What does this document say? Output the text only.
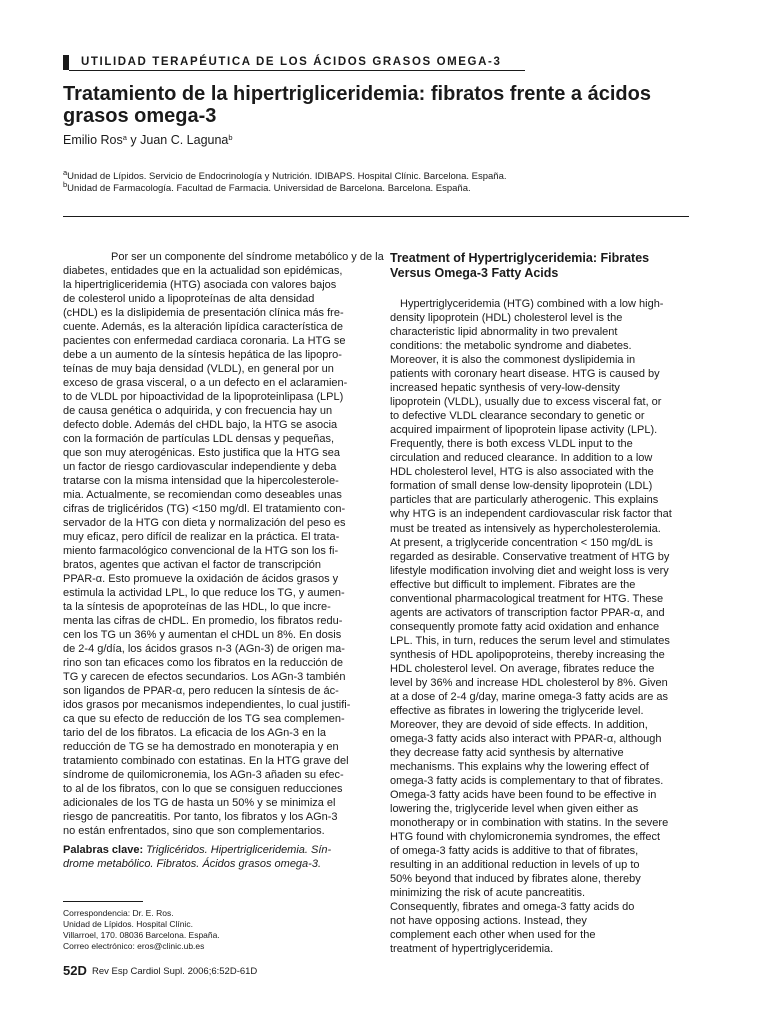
UTILIDAD TERAPÉUTICA DE LOS ÁCIDOS GRASOS OMEGA-3
Tratamiento de la hipertrigliceridemia: fibratos frente a ácidos
grasos omega-3
Emilio Ros$^a$ y Juan C. Laguna$^b$
$^a$Unidad de Lípidos. Servicio de Endocrinología y Nutrición. IDIBAPS. Hospital Clínic. Barcelona. España.
$^b$Unidad de Farmacología. Facultad de Farmacia. Universidad de Barcelona. Barcelona. España.

Por ser un componente del síndrome metabólico y de la
diabetes, entidades que en la actualidad son epidémicas,
la hipertrigliceridemia (HTG) asociada con valores bajos
de colesterol unido a lipoproteínas de alta densidad
(cHDL) es la dislipidemia de presentación clínica más fre-
cuente. Además, es la alteración lipídica característica de
pacientes con enfermedad cardiaca coronaria. La HTG se
debe a un aumento de la síntesis hepática de las lipopro-
teínas de muy baja densidad (VLDL), en general por un
exceso de grasa visceral, o a un defecto en el aclaramien-
to de VLDL por hipoactividad de la lipoproteinlipasa (LPL)
de causa genética o adquirida, y con frecuencia hay un
defecto doble. Además del cHDL bajo, la HTG se asocia
con la formación de partículas LDL densas y pequeñas,
que son muy aterogénicas. Esto justifica que la HTG sea
un factor de riesgo cardiovascular independiente y deba
tratarse con la misma intensidad que la hipercolesterole-
mia. Actualmente, se recomiendan como deseables unas
cifras de triglicéridos (TG) <150 mg/dl. El tratamiento con-
servador de la HTG con dieta y normalización del peso es
muy eficaz, pero difícil de realizar en la práctica. El trata-
miento farmacológico convencional de la HTG son los fi-
bratos, agentes que activan el factor de transcripción
PPAR-α. Esto promueve la oxidación de ácidos grasos y
estimula la actividad LPL, lo que reduce los TG, y aumen-
ta la síntesis de apoproteínas de las HDL, lo que incre-
menta las cifras de cHDL. En promedio, los fibratos redu-
cen los TG un 36% y aumentan el cHDL un 8%. En dosis
de 2-4 g/día, los ácidos grasos n-3 (AGn-3) de origen ma-
rino son tan eficaces como los fibratos en la reducción de
TG y carecen de efectos secundarios. Los AGn-3 también
son ligandos de PPAR-α, pero reducen la síntesis de ác-
idos grasos por mecanismos independientes, lo cual justifi-
ca que su efecto de reducción de los TG sea complemen-
tario del de los fibratos. La eficacia de los AGn-3 en la
reducción de TG se ha demostrado en monoterapia y en
tratamiento combinado con estatinas. En la HTG grave del
síndrome de quilomicronemia, los AGn-3 añaden su efec-
to al de los fibratos, con lo que se consiguen reducciones
adicionales de los TG de hasta un 50% y se minimiza el
riesgo de pancreatitis. Por tanto, los fibratos y los AGn-3
no están enfrentados, sino que son complementarios.

Palabras clave: Triglicéridos. Hipertrigliceridemia. Sín-
drome metabólico. Fibratos. Ácidos grasos omega-3.
Correspondencia: Dr. E. Ros.
Unidad de Lípidos. Hospital Clínic.
Villarroel, 170. 08036 Barcelona. España.
Correo electrónico: eros@clinic.ub.es
52D Rev Esp Cardiol Supl. 2006;6:52D-61D
Treatment of Hypertriglyceridemia: Fibrates
Versus Omega-3 Fatty Acids

Hypertriglyceridemia (HTG) combined with a low high-
density lipoprotein (HDL) cholesterol level is the
characteristic lipid abnormality in two prevalent
conditions: the metabolic syndrome and diabetes.
Moreover, it is also the commonest dyslipidemia in
patients with coronary heart disease. HTG is caused by
increased hepatic synthesis of very-low-density
lipoprotein (VLDL), usually due to excess visceral fat, or
to defective VLDL clearance secondary to genetic or
acquired impairment of lipoprotein lipase activity (LPL).
Frequently, there is both excess VLDL input to the
circulation and reduced clearance. In addition to a low
HDL cholesterol level, HTG is also associated with the
formation of small dense low-density lipoprotein (LDL)
particles that are particularly atherogenic. This explains
why HTG is an independent cardiovascular risk factor that
must be treated as intensively as hypercholesterolemia.
At present, a triglyceride concentration < 150 mg/dL is
regarded as desirable. Conservative treatment of HTG by
lifestyle modification involving diet and weight loss is very
effective but difficult to implement. Fibrates are the
conventional pharmacological treatment for HTG. These
agents are activators of transcription factor PPAR-α, and
consequently promote fatty acid oxidation and enhance
LPL. This, in turn, reduces the serum level and stimulates
synthesis of HDL apolipoproteins, thereby increasing the
HDL cholesterol level. On average, fibrates reduce the
level by 36% and increase HDL cholesterol by 8%. Given
at a dose of 2-4 g/day, marine omega-3 fatty acids are as
effective as fibrates in lowering the triglyceride level.
Moreover, they are devoid of side effects. In addition,
omega-3 fatty acids also interact with PPAR-α, although
they decrease fatty acid synthesis by alternative
mechanisms. This explains why the lowering effect of
omega-3 fatty acids is complementary to that of fibrates.
Omega-3 fatty acids have been found to be effective in
lowering the, triglyceride level when given either as
monotherapy or in combination with statins. In the severe
HTG found with chylomicronemia syndromes, the effect
of omega-3 fatty acids is additive to that of fibrates,
resulting in an additional reduction in levels of up to
50% beyond that induced by fibrates alone, thereby
minimizing the risk of acute pancreatitis.
Consequently, fibrates and omega-3 fatty acids do
not have opposing actions. Instead, they
complement each other when used for the
treatment of hypertriglyceridemia.
